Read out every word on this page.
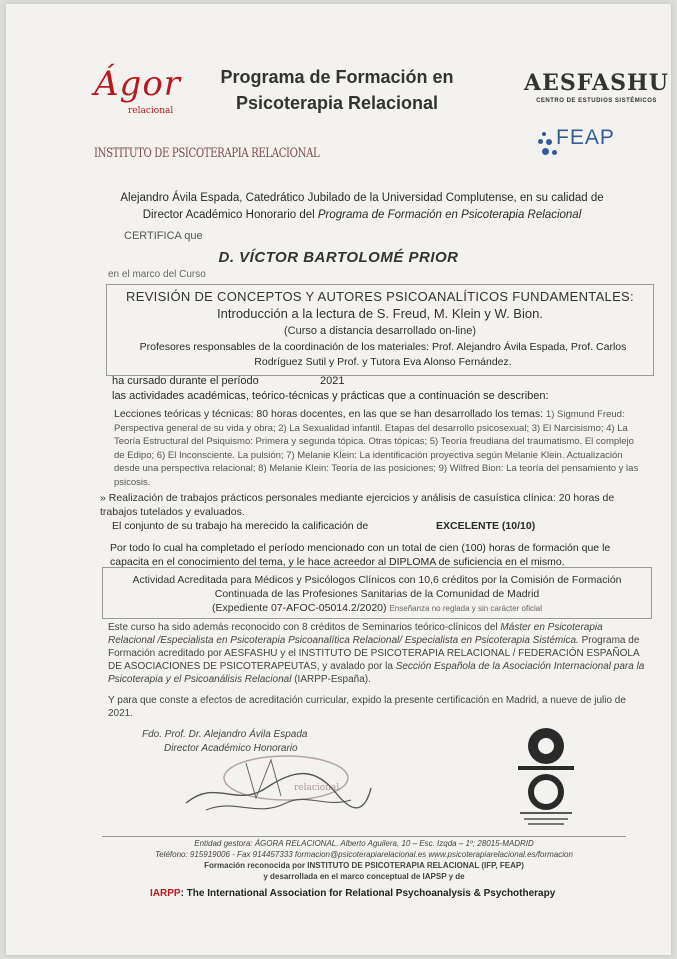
Ágor
relacional
Programa de Formación en Psicoterapia Relacional
AESFASHU
CENTRO DE ESTUDIOS SISTÉMICOS
FEAP
INSTITUTO DE PSICOTERAPIA RELACIONAL
Alejandro Ávila Espada, Catedrático Jubilado de la Universidad Complutense, en su calidad de
Director Académico Honorario del Programa de Formación en Psicoterapia Relacional
CERTIFICA que
D. VÍCTOR BARTOLOMÉ PRIOR
en el marco del Curso
REVISIÓN DE CONCEPTOS Y AUTORES PSICOANALÍTICOS FUNDAMENTALES:
Introducción a la lectura de S. Freud, M. Klein y W. Bion.
(Curso a distancia desarrollado on-line)
Profesores responsables de la coordinación de los materiales: Prof. Alejandro Ávila Espada, Prof. Carlos Rodríguez Sutil y Prof. y Tutora Eva Alonso Fernández.
ha cursado durante el período	2021
las actividades académicas, teórico-técnicas y prácticas que a continuación se describen:
Lecciones teóricas y técnicas: 80 horas docentes, en las que se han desarrollado los temas: 1) Sigmund Freud: Perspectiva general de su vida y obra; 2) La Sexualidad infantil. Etapas del desarrollo psicosexual; 3) El Narcisismo; 4) La Teoría Estructural del Psiquismo: Primera y segunda tópica. Otras tópicas; 5) Teoría freudiana del traumatismo. El complejo de Edipo; 6) El Inconsciente. La pulsión; 7) Melanie Klein: La identificación proyectiva según Melanie Klein. Actualización desde una perspectiva relacional; 8) Melanie Klein: Teoría de las posiciones; 9) Wilfred Bion: La teoría del pensamiento y las psicosis.
» Realización de trabajos prácticos personales mediante ejercicios y análisis de casuística clínica: 20 horas de trabajos tutelados y evaluados.
El conjunto de su trabajo ha merecido la calificación de	EXCELENTE (10/10)
Por todo lo cual ha completado el período mencionado con un total de cien (100) horas de formación que le capacita en el conocimiento del tema, y le hace acreedor al DIPLOMA de suficiencia en el mismo.
Actividad Acreditada para Médicos y Psicólogos Clínicos con 10,6 créditos por la Comisión de Formación
Continuada de las Profesiones Sanitarias de la Comunidad de Madrid
(Expediente 07-AFOC-05014.2/2020) Enseñanza no reglada y sin carácter oficial
Este curso ha sido además reconocido con 8 créditos de Seminarios teórico-clínicos del Máster en Psicoterapia Relacional /Especialista en Psicoterapia Psicoanalítica Relacional/ Especialista en Psicoterapia Sistémica. Programa de Formación acreditado por AESFASHU y el INSTITUTO DE PSICOTERAPIA RELACIONAL / FEDERACIÓN ESPAÑOLA DE ASOCIACIONES DE PSICOTERAPEUTAS, y avalado por la Sección Española de la Asociación Internacional para la Psicoterapia y el Psicoanálisis Relacional (IARPP-España).
Y para que conste a efectos de acreditación curricular, expido la presente certificación en Madrid, a nueve de julio de 2021.
Fdo. Prof. Dr. Alejandro Ávila Espada
Director Académico Honorario
relacional
Entidad gestora: ÁGORA RELACIONAL. Alberto Aguilera, 10 – Esc. Izqda – 1º; 28015-MADRID
Teléfono: 915919006 - Fax 914457333 formacion@psicoterapiarelacional.es www.psicoterapiarelacional.es/formacion
Formación reconocida por INSTITUTO DE PSICOTERAPIA RELACIONAL (IFP, FEAP)
y desarrollada en el marco conceptual de IAPSP y de
IARPP: The International Association for Relational Psychoanalysis & Psychotherapy
